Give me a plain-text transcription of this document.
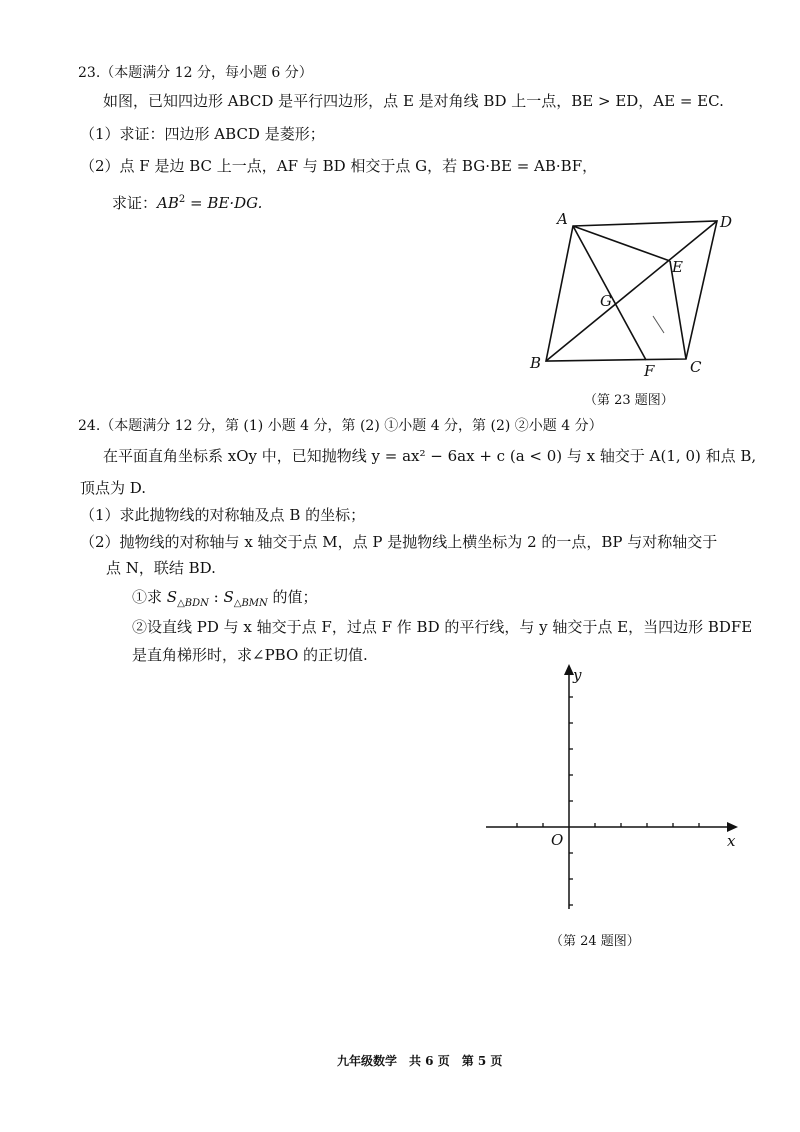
23.（本题满分 12 分，每小题 6 分）
如图，已知四边形 ABCD 是平行四边形，点 E 是对角线 BD 上一点，BE > ED，AE = EC.
（1）求证：四边形 ABCD 是菱形；
（2）点 F 是边 BC 上一点，AF 与 BD 相交于点 G，若 BG·BE = AB·BF，
求证：$AB^2 = BE\cdot DG$.
A	D
E
G
B	F C
（第 23 题图）
24.（本题满分 12 分，第 (1) 小题 4 分，第 (2) ①小题 4 分，第 (2) ②小题 4 分）
在平面直角坐标系 xOy 中，已知抛物线 y = ax² − 6ax + c (a < 0) 与 x 轴交于 A(1, 0) 和点 B,
顶点为 D.
（1）求此抛物线的对称轴及点 B 的坐标；
（2）抛物线的对称轴与 x 轴交于点 M，点 P 是抛物线上横坐标为 2 的一点，BP 与对称轴交于
点 N，联结 BD.
①求 $S_{\triangle BDN}$ : $S_{\triangle BMN}$ 的值；
②设直线 PD 与 x 轴交于点 F，过点 F 作 BD 的平行线，与 y 轴交于点 E，当四边形 BDFE
是直角梯形时，求∠PBO 的正切值.
y
x
O
（第 24 题图）
九年级数学　共 6 页　第 5 页
